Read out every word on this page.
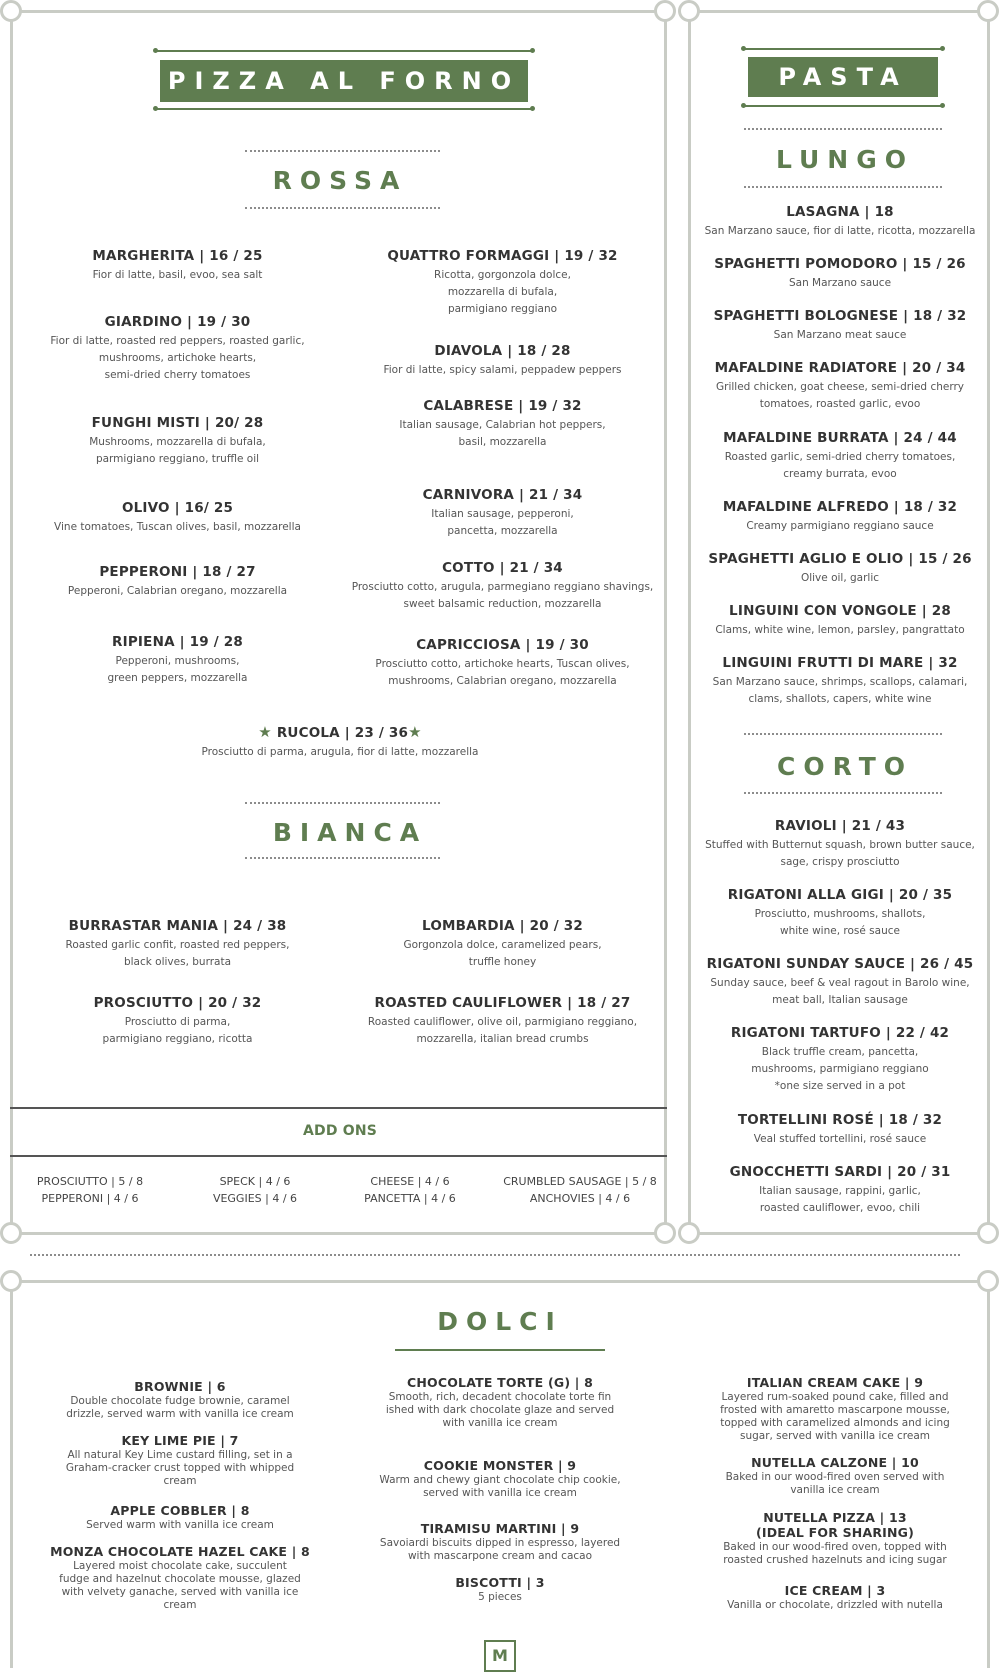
PIZZA AL FORNO
ROSSA
MARGHERITA | 16 / 25
Fior di latte, basil, evoo, sea salt
GIARDINO | 19 / 30
Fior di latte, roasted red peppers, roasted garlic,
mushrooms, artichoke hearts,
semi-dried cherry tomatoes
FUNGHI MISTI | 20/ 28
Mushrooms, mozzarella di bufala,
parmigiano reggiano, truffle oil
OLIVO | 16/ 25
Vine tomatoes, Tuscan olives, basil, mozzarella
PEPPERONI | 18 / 27
Pepperoni, Calabrian oregano, mozzarella
RIPIENA | 19 / 28
Pepperoni, mushrooms,
green peppers, mozzarella
QUATTRO FORMAGGI | 19 / 32
Ricotta, gorgonzola dolce,
mozzarella di bufala,
parmigiano reggiano
DIAVOLA | 18 / 28
Fior di latte, spicy salami, peppadew peppers
CALABRESE | 19 / 32
Italian sausage, Calabrian hot peppers,
basil, mozzarella
CARNIVORA | 21 / 34
Italian sausage, pepperoni,
pancetta, mozzarella
COTTO | 21 / 34
Prosciutto cotto, arugula, parmegiano reggiano shavings,
sweet balsamic reduction, mozzarella
CAPRICCIOSA | 19 / 30
Prosciutto cotto, artichoke hearts, Tuscan olives,
mushrooms, Calabrian oregano, mozzarella
★ RUCOLA | 23 / 36★
Prosciutto di parma, arugula, fior di latte, mozzarella
BIANCA
BURRASTAR MANIA | 24 / 38
Roasted garlic confit, roasted red peppers,
black olives, burrata
LOMBARDIA | 20 / 32
Gorgonzola dolce, caramelized pears,
truffle honey
PROSCIUTTO | 20 / 32
Prosciutto di parma,
parmigiano reggiano, ricotta
ROASTED CAULIFLOWER | 18 / 27
Roasted cauliflower, olive oil, parmigiano reggiano,
mozzarella, italian bread crumbs
ADD ONS
PROSCIUTTO | 5 / 8
PEPPERONI | 4 / 6
SPECK | 4 / 6
VEGGIES | 4 / 6
CHEESE | 4 / 6
PANCETTA | 4 / 6
CRUMBLED SAUSAGE | 5 / 8
ANCHOVIES | 4 / 6
PASTA
LUNGO
LASAGNA | 18
San Marzano sauce, fior di latte, ricotta, mozzarella
SPAGHETTI POMODORO | 15 / 26
San Marzano sauce
SPAGHETTI BOLOGNESE | 18 / 32
San Marzano meat sauce
MAFALDINE RADIATORE | 20 / 34
Grilled chicken, goat cheese, semi-dried cherry
tomatoes, roasted garlic, evoo
MAFALDINE BURRATA | 24 / 44
Roasted garlic, semi-dried cherry tomatoes,
creamy burrata, evoo
MAFALDINE ALFREDO | 18 / 32
Creamy parmigiano reggiano sauce
SPAGHETTI AGLIO E OLIO | 15 / 26
Olive oil, garlic
LINGUINI CON VONGOLE | 28
Clams, white wine, lemon, parsley, pangrattato
LINGUINI FRUTTI DI MARE | 32
San Marzano sauce, shrimps, scallops, calamari,
clams, shallots, capers, white wine
CORTO
RAVIOLI | 21 / 43
Stuffed with Butternut squash, brown butter sauce,
sage, crispy prosciutto
RIGATONI ALLA GIGI | 20 / 35
Prosciutto, mushrooms, shallots,
white wine, rosé sauce
RIGATONI SUNDAY SAUCE | 26 / 45
Sunday sauce, beef & veal ragout in Barolo wine,
meat ball, Italian sausage
RIGATONI TARTUFO | 22 / 42
Black truffle cream, pancetta,
mushrooms, parmigiano reggiano
*one size served in a pot
TORTELLINI ROSÉ | 18 / 32
Veal stuffed tortellini, rosé sauce
GNOCCHETTI SARDI | 20 / 31
Italian sausage, rappini, garlic,
roasted cauliflower, evoo, chili
DOLCI
BROWNIE | 6
Double chocolate fudge brownie, caramel
drizzle, served warm with vanilla ice cream
KEY LIME PIE | 7
All natural Key Lime custard filling, set in a
Graham-cracker crust topped with whipped
cream
APPLE COBBLER | 8
Served warm with vanilla ice cream
MONZA CHOCOLATE HAZEL CAKE | 8
Layered moist chocolate cake, succulent
fudge and hazelnut chocolate mousse, glazed
with velvety ganache, served with vanilla ice
cream
CHOCOLATE TORTE (G) | 8
Smooth, rich, decadent chocolate torte fin
ished with dark chocolate glaze and served
with vanilla ice cream
COOKIE MONSTER | 9
Warm and chewy giant chocolate chip cookie,
served with vanilla ice cream
TIRAMISU MARTINI | 9
Savoiardi biscuits dipped in espresso, layered
with mascarpone cream and cacao
BISCOTTI | 3
5 pieces
ITALIAN CREAM CAKE | 9
Layered rum-soaked pound cake, filled and
frosted with amaretto mascarpone mousse,
topped with caramelized almonds and icing
sugar, served with vanilla ice cream
NUTELLA CALZONE | 10
Baked in our wood-fired oven served with
vanilla ice cream
NUTELLA PIZZA | 13
(IDEAL FOR SHARING)
Baked in our wood-fired oven, topped with
roasted crushed hazelnuts and icing sugar
ICE CREAM | 3
Vanilla or chocolate, drizzled with nutella
M
